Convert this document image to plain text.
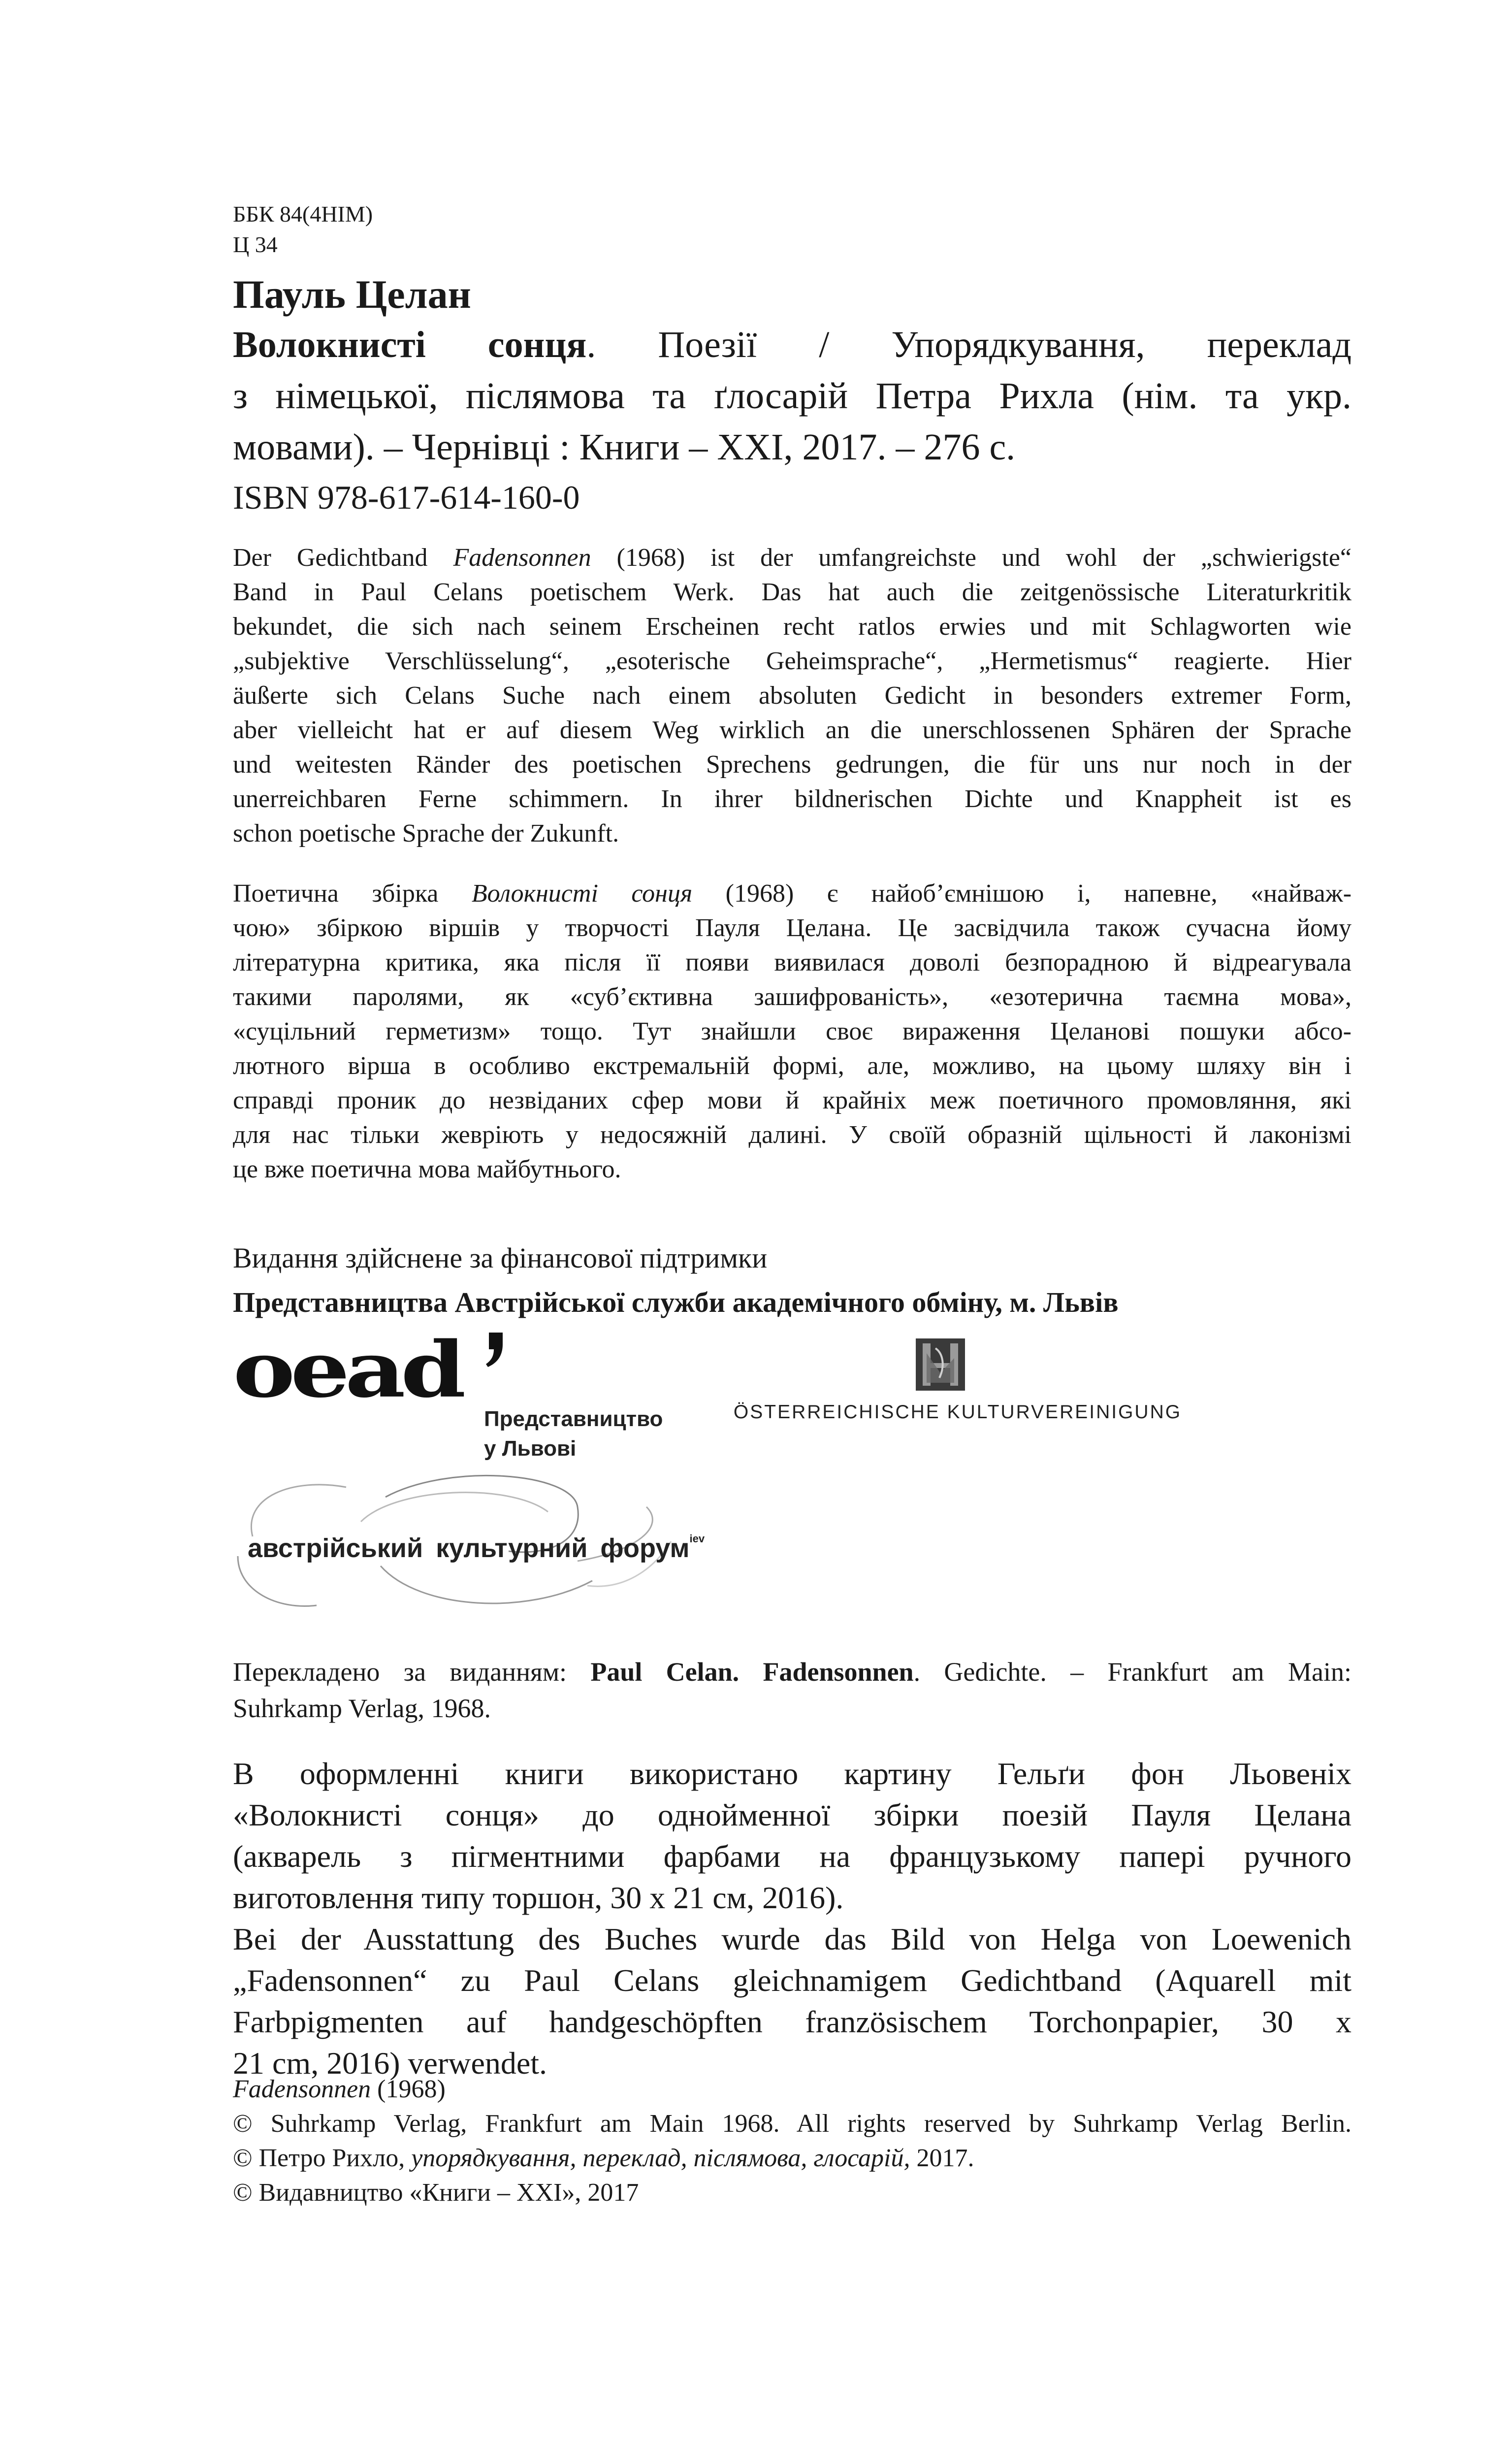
ББК 84(4НІМ)
Ц 34
Пауль Целан
Волокнисті сонця. Поезії / Упорядкування, переклад
з німецької, післямова та ґлосарій Петра Рихла (нім. та укр.
мовами). – Чернівці : Книги – ХХІ, 2017. – 276 с.
ISBN 978-617-614-160-0
Der Gedichtband Fadensonnen (1968) ist der umfangreichste und wohl der „schwierigste“
Band in Paul Celans poetischem Werk. Das hat auch die zeitgenössische Literaturkritik
bekundet, die sich nach seinem Erscheinen recht ratlos erwies und mit Schlagworten wie
„subjektive Verschlüsselung“, „esoterische Geheimsprache“, „Hermetismus“ reagierte. Hier
äußerte sich Celans Suche nach einem absoluten Gedicht in besonders extremer Form,
aber vielleicht hat er auf diesem Weg wirklich an die unerschlossenen Sphären der Sprache
und weitesten Ränder des poetischen Sprechens gedrungen, die für uns nur noch in der
unerreichbaren Ferne schimmern. In ihrer bildnerischen Dichte und Knappheit ist es
schon poetische Sprache der Zukunft.
Поетична збірка Волокнисті сонця (1968) є найоб’ємнішою і, напевне, «найваж-
чою» збіркою віршів у творчості Пауля Целана. Це засвідчила також сучасна йому
літературна критика, яка після її появи виявилася доволі безпорадною й відреагувала
такими паролями, як «суб’єктивна зашифрованість», «езотерична таємна мова»,
«суцільний герметизм» тощо. Тут знайшли своє вираження Целанові пошуки абсо-
лютного вірша в особливо екстремальній формі, але, можливо, на цьому шляху він і
справді проник до незвіданих сфер мови й крайніх меж поетичного промовляння, які
для нас тільки жевріють у недосяжній далині. У своїй образній щільності й лаконізмі
це вже поетична мова майбутнього.
Видання здійснене за фінансової підтримки
Представництва Австрійської служби академічного обміну, м. Львів
oead
Представництво
у Львові
ÖSTERREICHISCHE KULTURVEREINIGUNG
австрійський культурний форум$^{iev}$
Перекладено за виданням: Paul Celan. Fadensonnen. Gedichte. – Frankfurt am Main:
Suhrkamp Verlag, 1968.
В оформленні книги використано картину Гельґи фон Льовеніх
«Волокнисті сонця» до однойменної збірки поезій Пауля Целана
(акварель з пігментними фарбами на французькому папері ручного
виготовлення типу торшон, 30 х 21 см, 2016).
Bei der Ausstattung des Buches wurde das Bild von Helga von Loewenich
„Fadensonnen“ zu Paul Celans gleichnamigem Gedichtband (Aquarell mit
Farbpigmenten auf handgeschöpften französischem Torchonpapier, 30 x
21 cm, 2016) verwendet.
Fadensonnen (1968)
© Suhrkamp Verlag, Frankfurt am Main 1968. All rights reserved by Suhrkamp Verlag Berlin.
© Петро Рихло, упорядкування, переклад, післямова, глосарій, 2017.
© Видавництво «Книги – XXI», 2017
